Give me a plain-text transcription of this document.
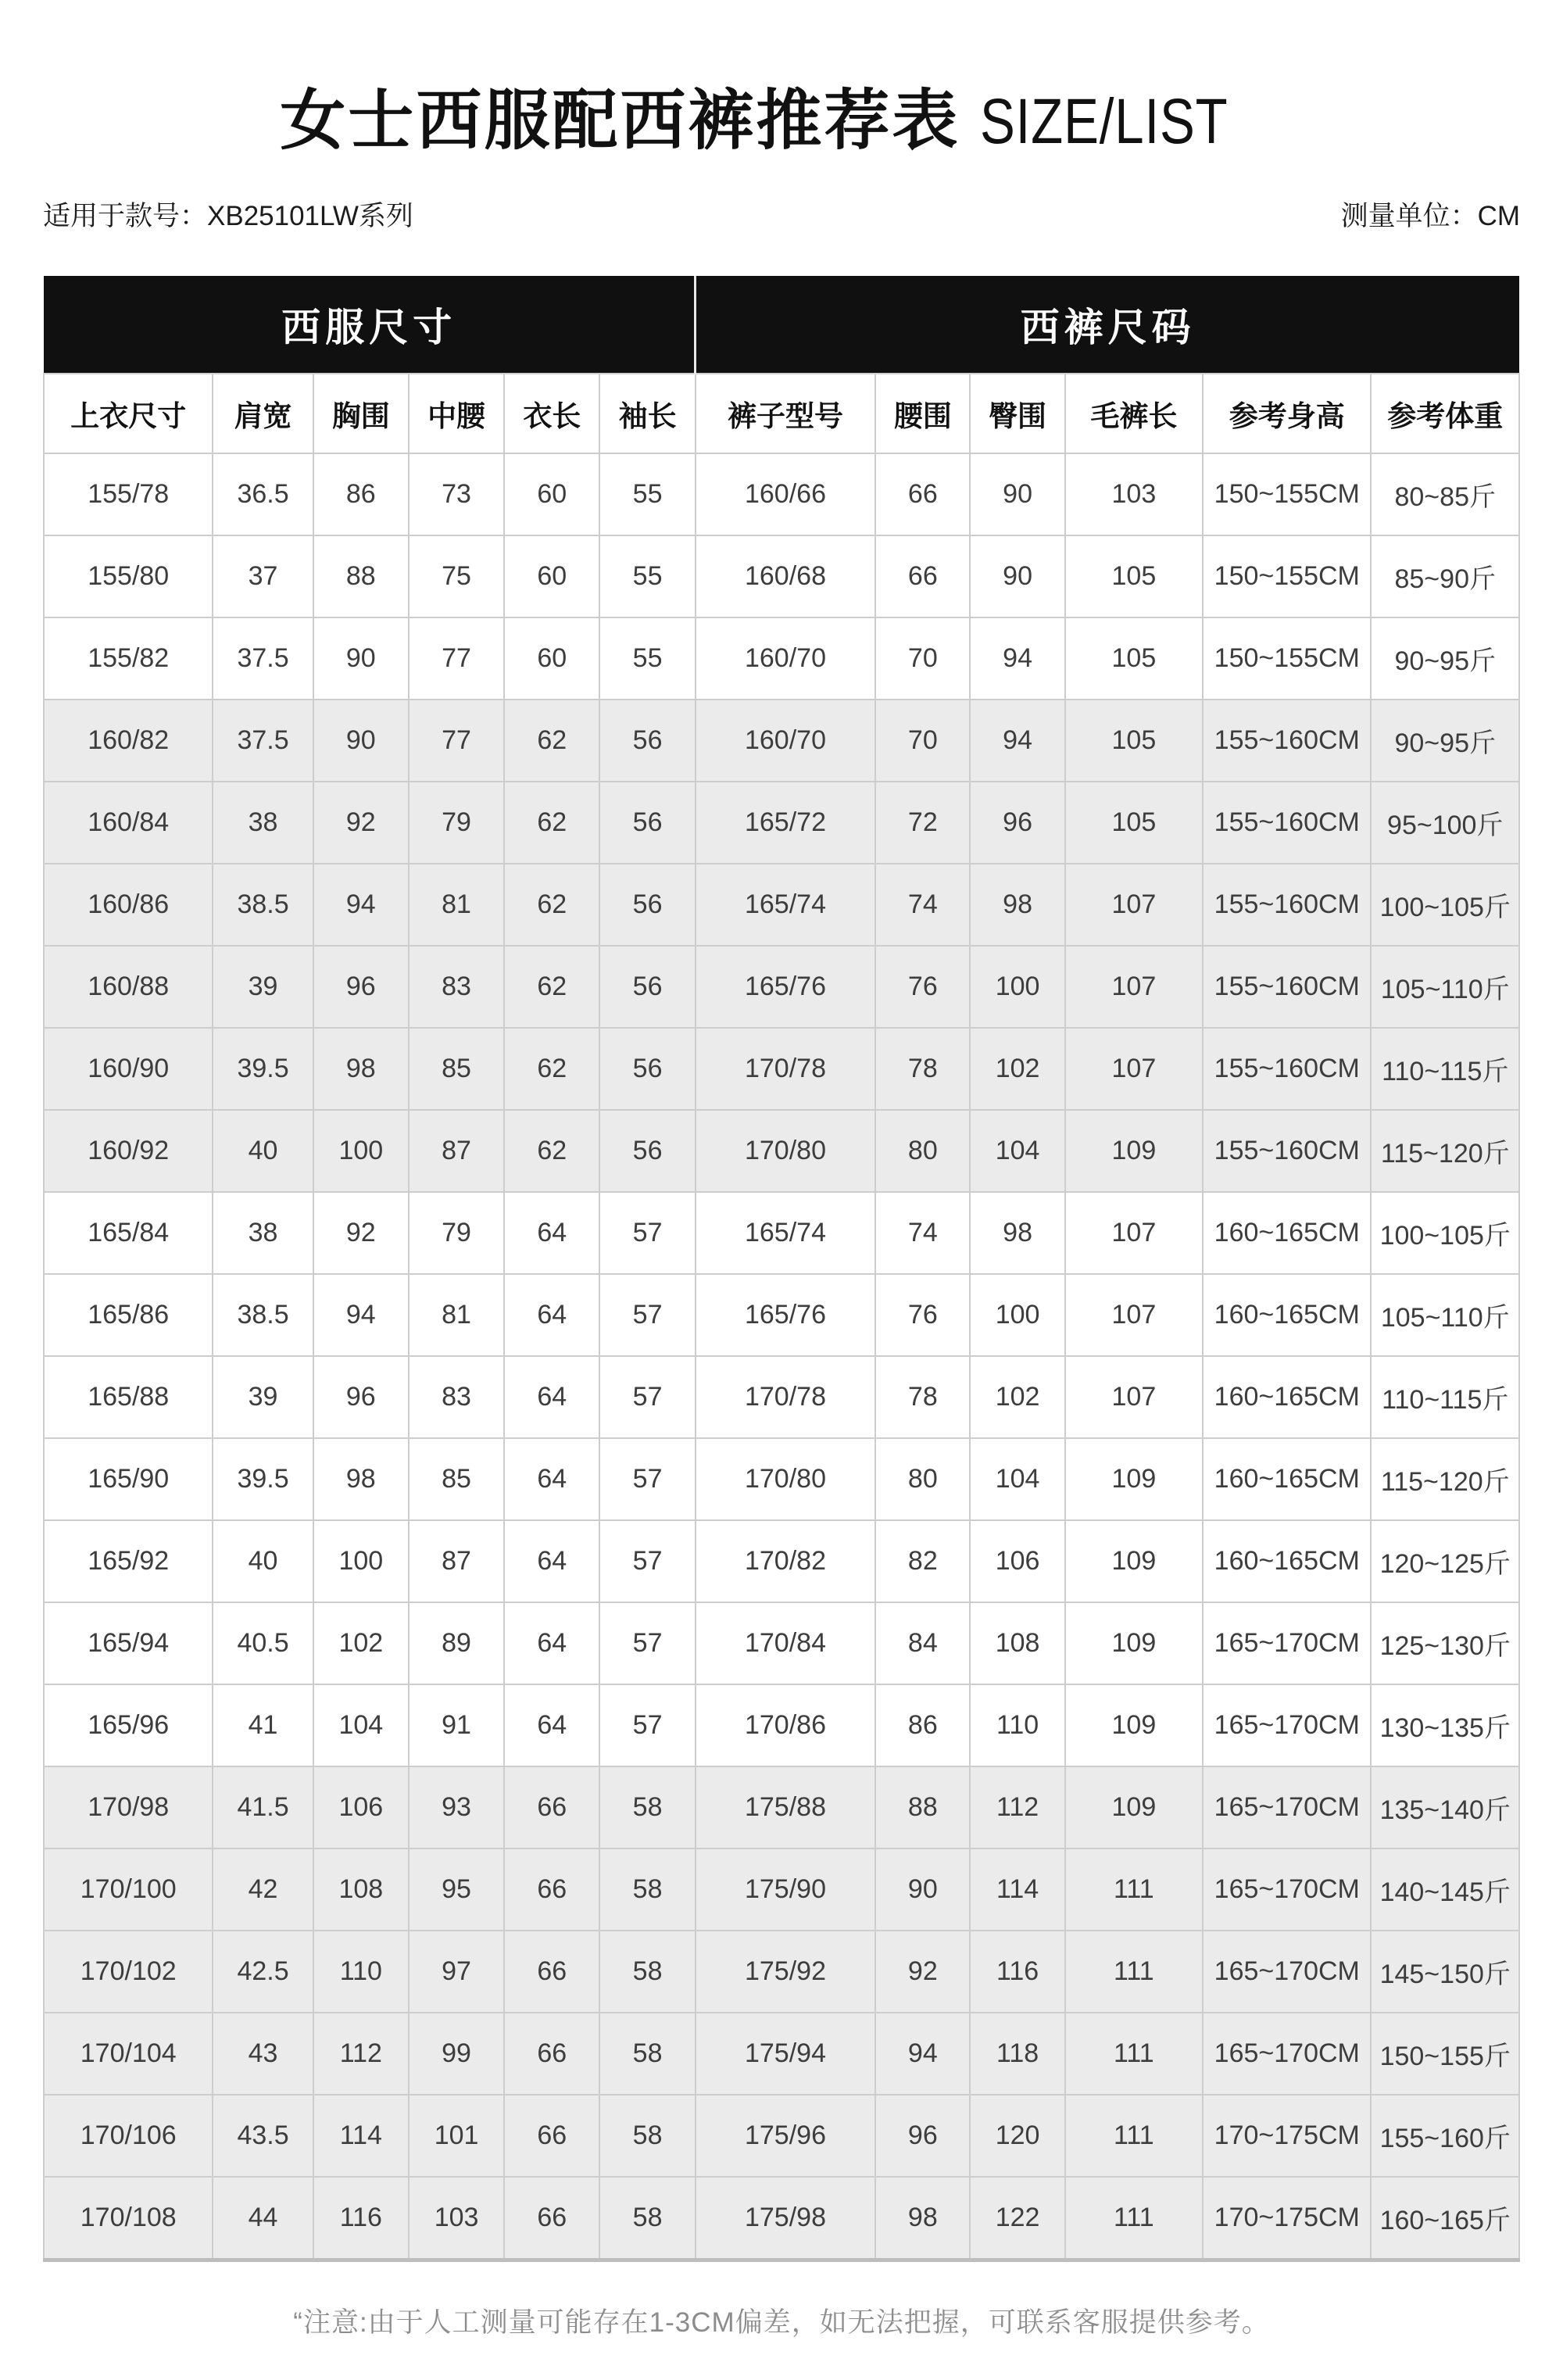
女士西服配西裤推荐表 SIZE/LIST
适用于款号：XB25101LW系列	测量单位：CM
西服尺寸						西裤尺码					
上衣尺寸	肩宽	胸围	中腰	衣长	袖长	裤子型号	腰围	臀围	毛裤长	参考身高	参考体重
155/78	36.5	86	73	60	55	160/66	66	90	103	150~155CM	80~85斤
155/80	37	88	75	60	55	160/68	66	90	105	150~155CM	85~90斤
155/82	37.5	90	77	60	55	160/70	70	94	105	150~155CM	90~95斤
160/82	37.5	90	77	62	56	160/70	70	94	105	155~160CM	90~95斤
160/84	38	92	79	62	56	165/72	72	96	105	155~160CM	95~100斤
160/86	38.5	94	81	62	56	165/74	74	98	107	155~160CM	100~105斤
160/88	39	96	83	62	56	165/76	76	100	107	155~160CM	105~110斤
160/90	39.5	98	85	62	56	170/78	78	102	107	155~160CM	110~115斤
160/92	40	100	87	62	56	170/80	80	104	109	155~160CM	115~120斤
165/84	38	92	79	64	57	165/74	74	98	107	160~165CM	100~105斤
165/86	38.5	94	81	64	57	165/76	76	100	107	160~165CM	105~110斤
165/88	39	96	83	64	57	170/78	78	102	107	160~165CM	110~115斤
165/90	39.5	98	85	64	57	170/80	80	104	109	160~165CM	115~120斤
165/92	40	100	87	64	57	170/82	82	106	109	160~165CM	120~125斤
165/94	40.5	102	89	64	57	170/84	84	108	109	165~170CM	125~130斤
165/96	41	104	91	64	57	170/86	86	110	109	165~170CM	130~135斤
170/98	41.5	106	93	66	58	175/88	88	112	109	165~170CM	135~140斤
170/100	42	108	95	66	58	175/90	90	114	111	165~170CM	140~145斤
170/102	42.5	110	97	66	58	175/92	92	116	111	165~170CM	145~150斤
170/104	43	112	99	66	58	175/94	94	118	111	165~170CM	150~155斤
170/106	43.5	114	101	66	58	175/96	96	120	111	170~175CM	155~160斤
170/108	44	116	103	66	58	175/98	98	122	111	170~175CM	160~165斤
“注意:由于人工测量可能存在1-3CM偏差，如无法把握，可联系客服提供参考。
